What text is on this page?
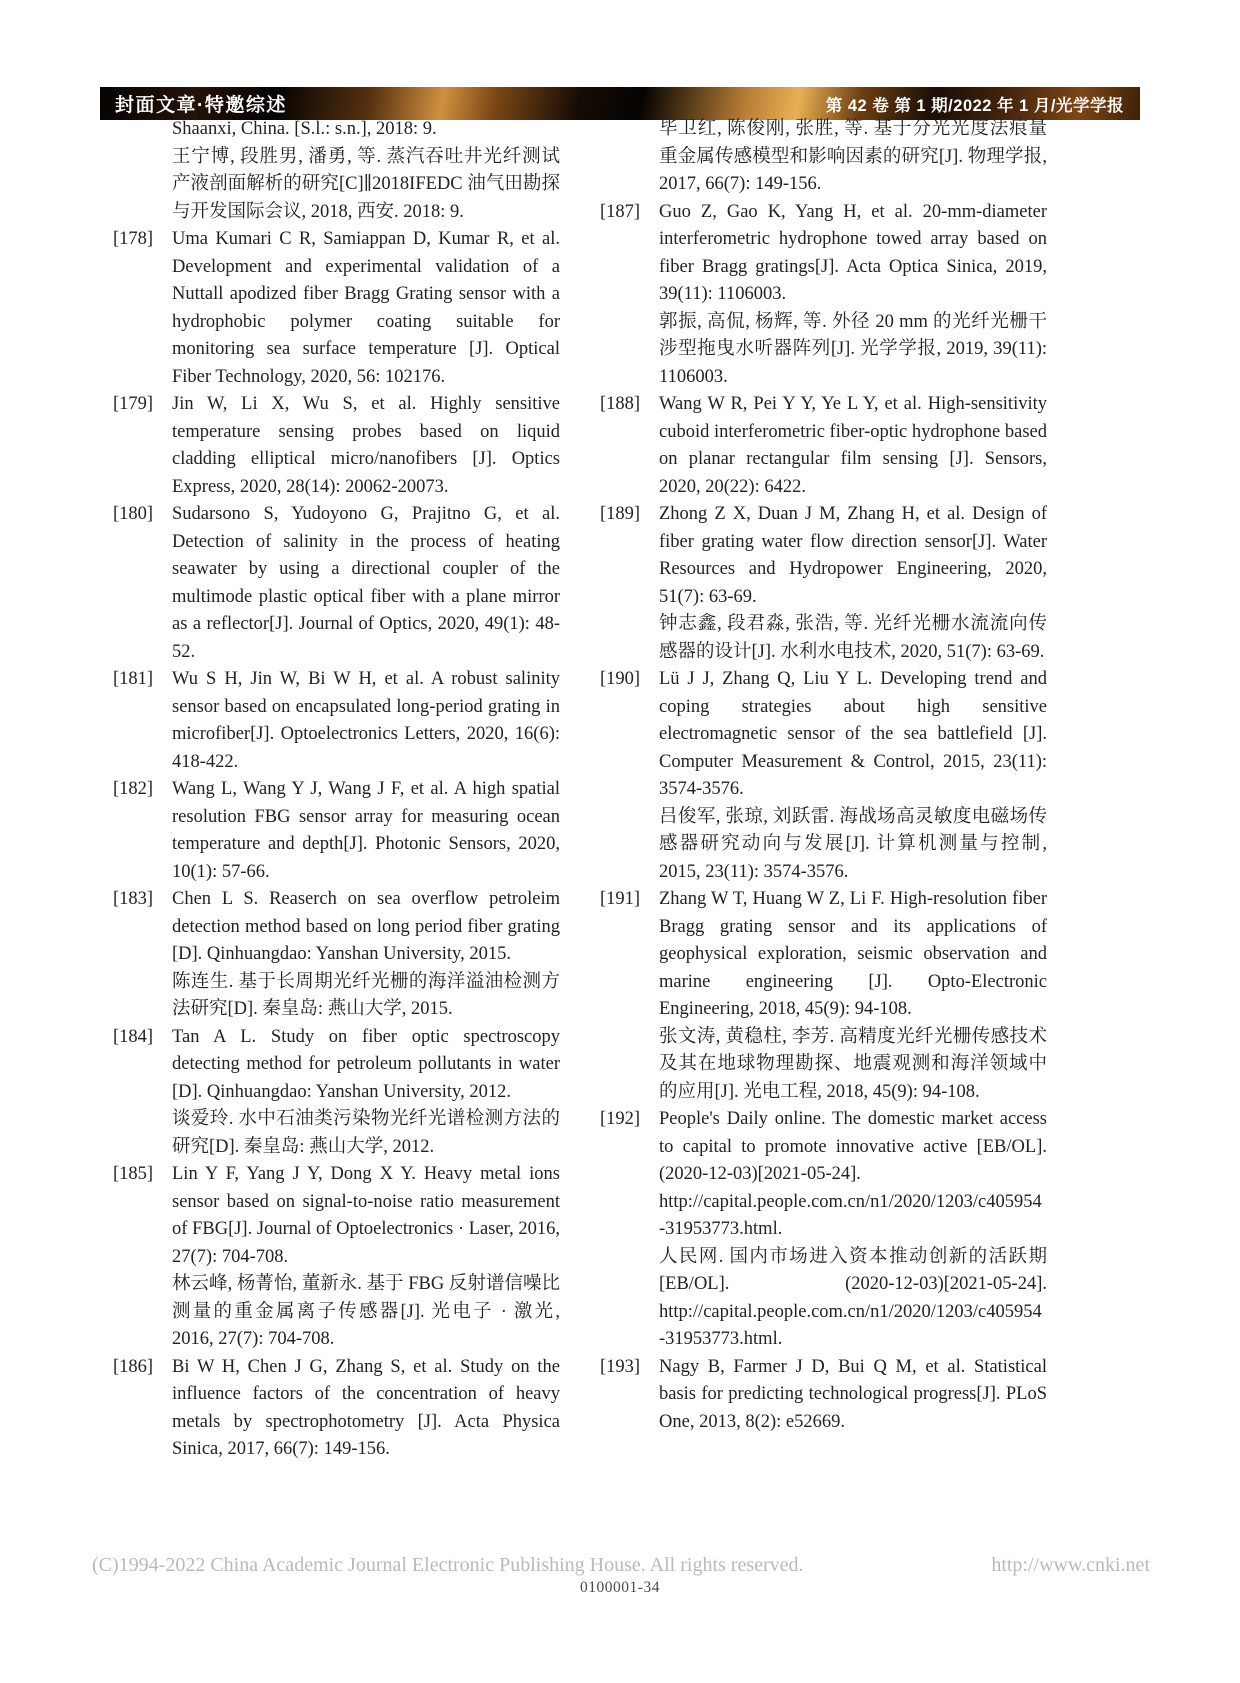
封面文章·特邀综述	第 42 卷 第 1 期/2022 年 1 月/光学学报

Shaanxi, China. [S.l.: s.n.], 2018: 9.

王宁博, 段胜男, 潘勇, 等. 蒸汽吞吐井光纤测试产液剖面解析的研究[C]∥2018IFEDC 油气田勘探与开发国际会议, 2018, 西安. 2018: 9.

[178]	Uma Kumari C R, Samiappan D, Kumar R, et al. Development and experimental validation of a Nuttall apodized fiber Bragg Grating sensor with a hydrophobic polymer coating suitable for monitoring sea surface temperature [J]. Optical Fiber Technology, 2020, 56: 102176.

[179]	Jin W, Li X, Wu S, et al. Highly sensitive temperature sensing probes based on liquid cladding elliptical micro/nanofibers [J]. Optics Express, 2020, 28(14): 20062-20073.

[180]	Sudarsono S, Yudoyono G, Prajitno G, et al. Detection of salinity in the process of heating seawater by using a directional coupler of the multimode plastic optical fiber with a plane mirror as a reflector[J]. Journal of Optics, 2020, 49(1): 48-52.

[181]	Wu S H, Jin W, Bi W H, et al. A robust salinity sensor based on encapsulated long-period grating in microfiber[J]. Optoelectronics Letters, 2020, 16(6): 418-422.

[182]	Wang L, Wang Y J, Wang J F, et al. A high spatial resolution FBG sensor array for measuring ocean temperature and depth[J]. Photonic Sensors, 2020, 10(1): 57-66.

[183]	Chen L S. Reaserch on sea overflow petroleim detection method based on long period fiber grating [D]. Qinhuangdao: Yanshan University, 2015.

陈连生. 基于长周期光纤光栅的海洋溢油检测方法研究[D]. 秦皇岛: 燕山大学, 2015.

[184]	Tan A L. Study on fiber optic spectroscopy detecting method for petroleum pollutants in water [D]. Qinhuangdao: Yanshan University, 2012.

谈爱玲. 水中石油类污染物光纤光谱检测方法的研究[D]. 秦皇岛: 燕山大学, 2012.

[185]	Lin Y F, Yang J Y, Dong X Y. Heavy metal ions sensor based on signal-to-noise ratio measurement of FBG[J]. Journal of Optoelectronics · Laser, 2016, 27(7): 704-708.

林云峰, 杨菁怡, 董新永. 基于 FBG 反射谱信噪比测量的重金属离子传感器[J]. 光电子 · 激光, 2016, 27(7): 704-708.

[186]	Bi W H, Chen J G, Zhang S, et al. Study on the influence factors of the concentration of heavy metals by spectrophotometry [J]. Acta Physica Sinica, 2017, 66(7): 149-156.

毕卫红, 陈俊刚, 张胜, 等. 基于分光光度法痕量重金属传感模型和影响因素的研究[J]. 物理学报, 2017, 66(7): 149-156.

[187]	Guo Z, Gao K, Yang H, et al. 20-mm-diameter interferometric hydrophone towed array based on fiber Bragg gratings[J]. Acta Optica Sinica, 2019, 39(11): 1106003.

郭振, 高侃, 杨辉, 等. 外径 20 mm 的光纤光栅干涉型拖曳水听器阵列[J]. 光学学报, 2019, 39(11): 1106003.

[188]	Wang W R, Pei Y Y, Ye L Y, et al. High-sensitivity cuboid interferometric fiber-optic hydrophone based on planar rectangular film sensing [J]. Sensors, 2020, 20(22): 6422.

[189]	Zhong Z X, Duan J M, Zhang H, et al. Design of fiber grating water flow direction sensor[J]. Water Resources and Hydropower Engineering, 2020, 51(7): 63-69.

钟志鑫, 段君淼, 张浩, 等. 光纤光栅水流流向传感器的设计[J]. 水利水电技术, 2020, 51(7): 63-69.

[190]	Lü J J, Zhang Q, Liu Y L. Developing trend and coping strategies about high sensitive electromagnetic sensor of the sea battlefield [J]. Computer Measurement & Control, 2015, 23(11): 3574-3576.

吕俊军, 张琼, 刘跃雷. 海战场高灵敏度电磁场传感器研究动向与发展[J]. 计算机测量与控制, 2015, 23(11): 3574-3576.

[191]	Zhang W T, Huang W Z, Li F. High-resolution fiber Bragg grating sensor and its applications of geophysical exploration, seismic observation and marine engineering [J]. Opto-Electronic Engineering, 2018, 45(9): 94-108.

张文涛, 黄稳柱, 李芳. 高精度光纤光栅传感技术及其在地球物理勘探、地震观测和海洋领域中的应用[J]. 光电工程, 2018, 45(9): 94-108.

[192]	People's Daily online. The domestic market access to capital to promote innovative active [EB/OL]. (2020-12-03)[2021-05-24]. http://capital.people.com.cn/n1/2020/1203/c405954-31953773.html.

人民网. 国内市场进入资本推动创新的活跃期[EB/OL]. (2020-12-03)[2021-05-24]. http://capital.people.com.cn/n1/2020/1203/c405954-31953773.html.

[193]	Nagy B, Farmer J D, Bui Q M, et al. Statistical basis for predicting technological progress[J]. PLoS One, 2013, 8(2): e52669.

(C)1994-2022 China Academic Journal Electronic Publishing House. All rights reserved.	http://www.cnki.net
0100001-34
